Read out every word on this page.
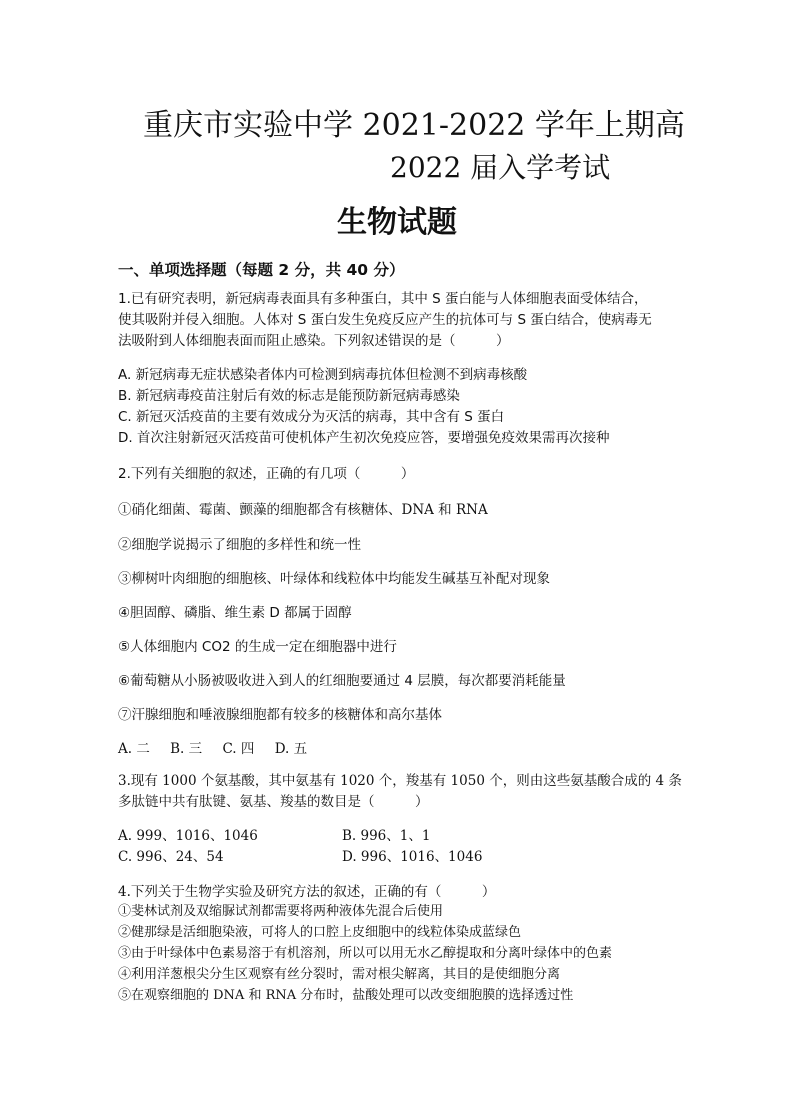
重庆市实验中学 2021-2022 学年上期高
2022 届入学考试
生物试题
一、单项选择题（每题 2 分，共 40 分）
1.已有研究表明，新冠病毒表面具有多种蛋白，其中 S 蛋白能与人体细胞表面受体结合，
使其吸附并侵入细胞。人体对 S 蛋白发生免疫反应产生的抗体可与 S 蛋白结合，使病毒无
法吸附到人体细胞表面而阻止感染。下列叙述错误的是（　　　）
A. 新冠病毒无症状感染者体内可检测到病毒抗体但检测不到病毒核酸
B. 新冠病毒疫苗注射后有效的标志是能预防新冠病毒感染
C. 新冠灭活疫苗的主要有效成分为灭活的病毒，其中含有 S 蛋白
D. 首次注射新冠灭活疫苗可使机体产生初次免疫应答，要增强免疫效果需再次接种
2.下列有关细胞的叙述，正确的有几项（　　　）
①硝化细菌、霉菌、颤藻的细胞都含有核糖体、DNA 和 RNA
②细胞学说揭示了细胞的多样性和统一性
③柳树叶肉细胞的细胞核、叶绿体和线粒体中均能发生碱基互补配对现象
④胆固醇、磷脂、维生素 D 都属于固醇
⑤人体细胞内 CO2 的生成一定在细胞器中进行
⑥葡萄糖从小肠被吸收进入到人的红细胞要通过 4 层膜，每次都要消耗能量
⑦汗腺细胞和唾液腺细胞都有较多的核糖体和高尔基体
A. 二 B. 三 C. 四 D. 五
3.现有 1000 个氨基酸，其中氨基有 1020 个，羧基有 1050 个，则由这些氨基酸合成的 4 条
多肽链中共有肽键、氨基、羧基的数目是（　　　）
A. 999、1016、1046	B. 996、1、1
C. 996、24、54	D. 996、1016、1046
4.下列关于生物学实验及研究方法的叙述，正确的有（　　　）
①斐林试剂及双缩脲试剂都需要将两种液体先混合后使用
②健那绿是活细胞染液，可将人的口腔上皮细胞中的线粒体染成蓝绿色
③由于叶绿体中色素易溶于有机溶剂，所以可以用无水乙醇提取和分离叶绿体中的色素
④利用洋葱根尖分生区观察有丝分裂时，需对根尖解离，其目的是使细胞分离
⑤在观察细胞的 DNA 和 RNA 分布时，盐酸处理可以改变细胞膜的选择透过性
